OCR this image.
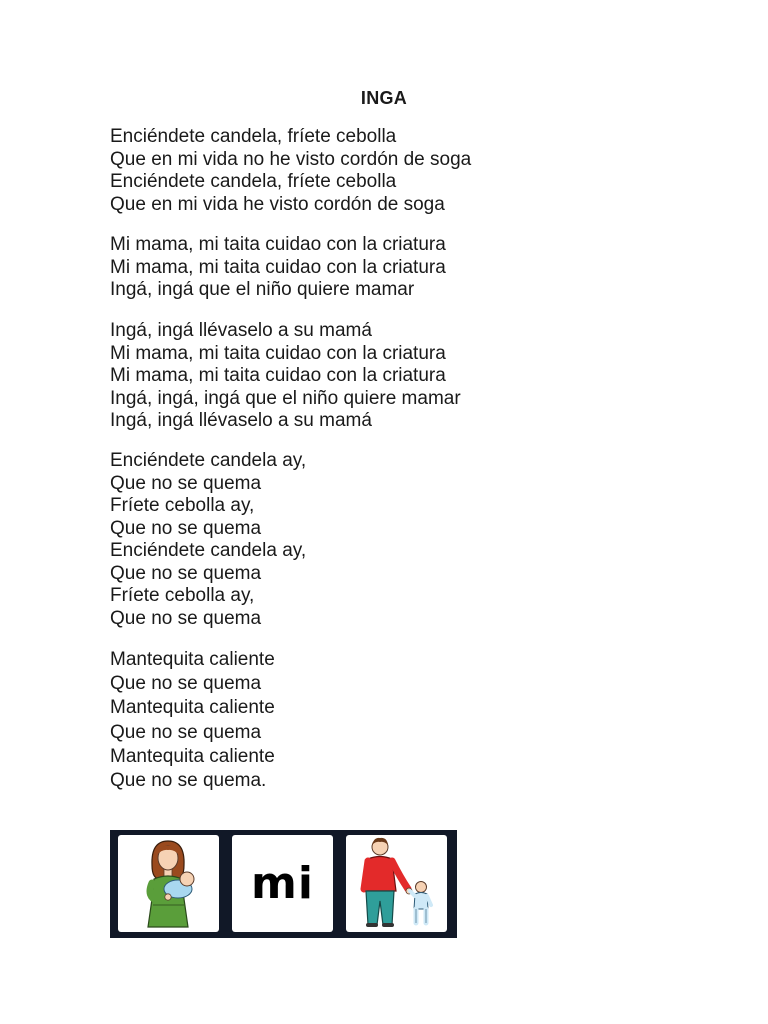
INGA
Enciéndete candela, fríete cebolla
Que en mi vida no he visto cordón de soga
Enciéndete candela, fríete cebolla
Que en mi vida he visto cordón de soga
Mi mama, mi taita cuidao con la criatura
Mi mama, mi taita cuidao con la criatura
Ingá, ingá que el niño quiere mamar
Ingá, ingá llévaselo a su mamá
Mi mama, mi taita cuidao con la criatura
Mi mama, mi taita cuidao con la criatura
Ingá, ingá, ingá que el niño quiere mamar
Ingá, ingá llévaselo a su mamá
Enciéndete candela ay,
Que no se quema
Fríete cebolla ay,
Que no se quema
Enciéndete candela ay,
Que no se quema
Fríete cebolla ay,
Que no se quema
Mantequita caliente
Que no se quema
Mantequita caliente
Que no se quema
Mantequita caliente
Que no se quema.
mi
